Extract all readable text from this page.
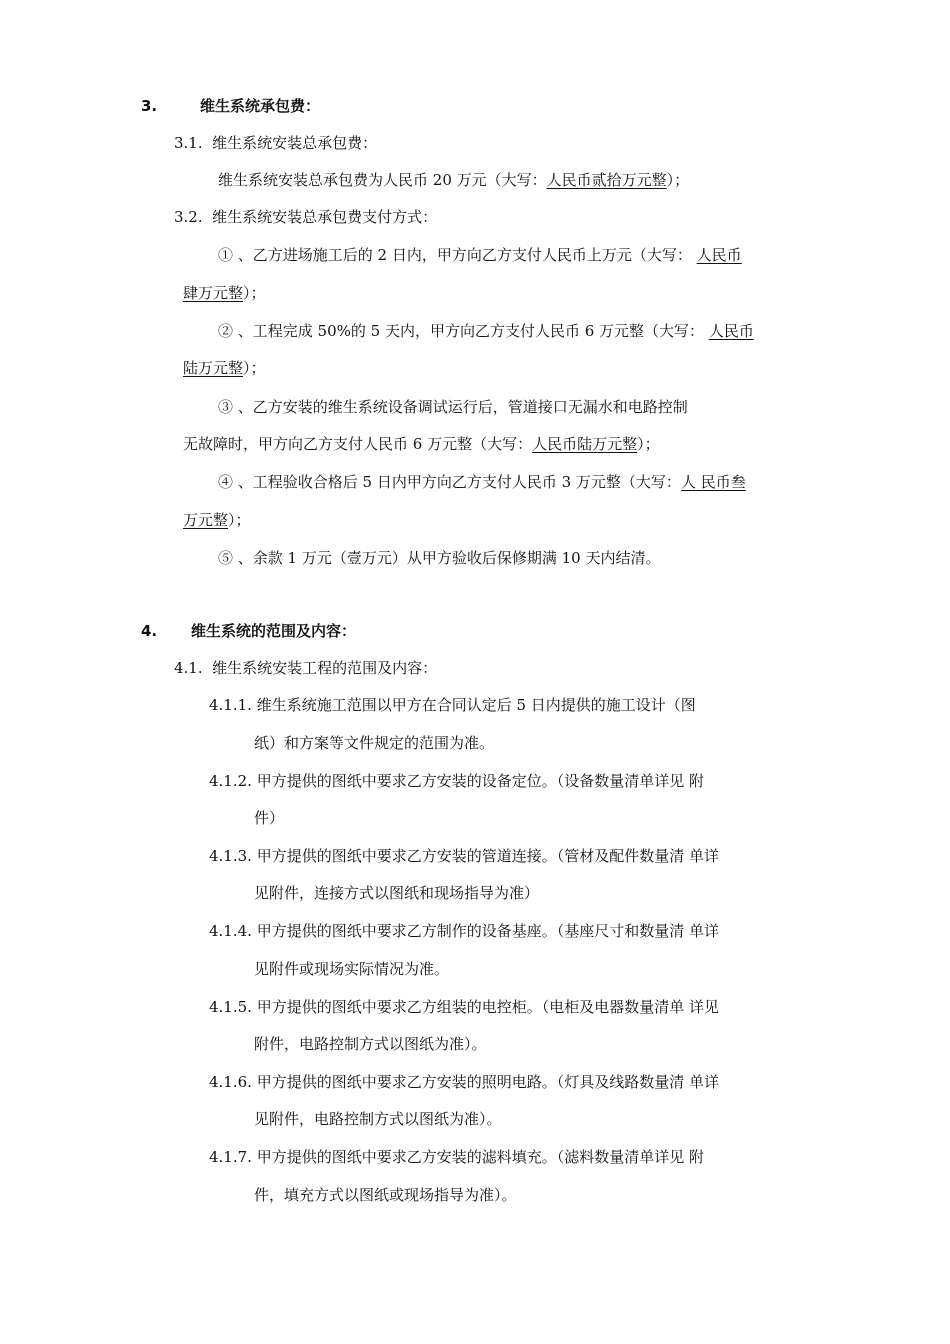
3.	维生系统承包费：
3.1. 维生系统安装总承包费：
维生系统安装总承包费为人民币 20 万元（大写：人民币贰拾万元整）；
3.2. 维生系统安装总承包费支付方式：
① 、乙方进场施工后的 2 日内，甲方向乙方支付人民币上万元（大写： 人民币
肆万元整）；
② 、工程完成 50%的 5 天内，甲方向乙方支付人民币 6 万元整（大写： 人民币
陆万元整）；
③ 、乙方安装的维生系统设备调试运行后，管道接口无漏水和电路控制
无故障时，甲方向乙方支付人民币 6 万元整（大写：人民币陆万元整）；
④ 、工程验收合格后 5 日内甲方向乙方支付人民币 3 万元整（大写：人 民币叁
万元整）；
⑤ 、余款 1 万元（壹万元）从甲方验收后保修期满 10 天内结清。
4. 维生系统的范围及内容：
4.1. 维生系统安装工程的范围及内容：
4.1.1. 维生系统施工范围以甲方在合同认定后 5 日内提供的施工设计（图
纸）和方案等文件规定的范围为准。
4.1.2. 甲方提供的图纸中要求乙方安装的设备定位。（设备数量清单详见 附
件）
4.1.3. 甲方提供的图纸中要求乙方安装的管道连接。（管材及配件数量清 单详
见附件，连接方式以图纸和现场指导为准）
4.1.4. 甲方提供的图纸中要求乙方制作的设备基座。（基座尺寸和数量清 单详
见附件或现场实际情况为准。
4.1.5. 甲方提供的图纸中要求乙方组装的电控柜。（电柜及电器数量清单 详见
附件，电路控制方式以图纸为准）。
4.1.6. 甲方提供的图纸中要求乙方安装的照明电路。（灯具及线路数量清 单详
见附件，电路控制方式以图纸为准）。
4.1.7. 甲方提供的图纸中要求乙方安装的滤料填充。（滤料数量清单详见 附
件，填充方式以图纸或现场指导为准）。
